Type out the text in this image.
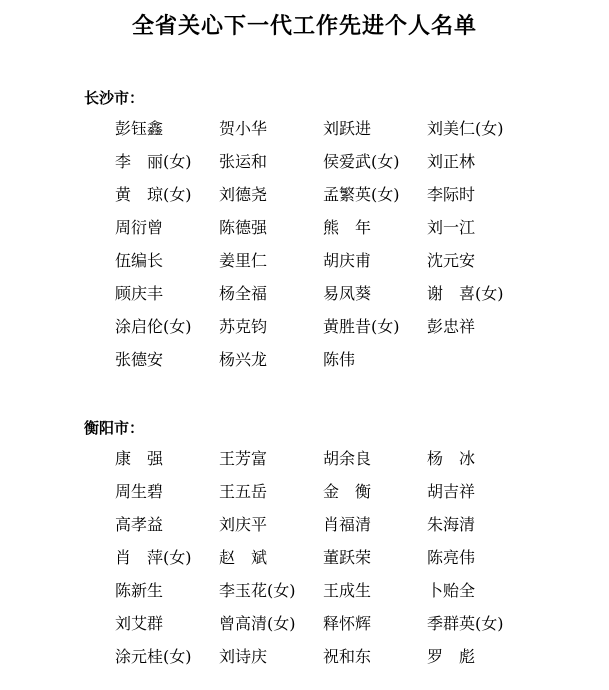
全省关心下一代工作先进个人名单
长沙市：
彭钰鑫	贺小华	刘跃进	刘美仁(女)
李　丽(女)	张运和	侯爱武(女)	刘正林
黄　琼(女)	刘德尧	孟繁英(女)	李际时
周衍曾	陈德强	熊　年	刘一江
伍编长	姜里仁	胡庆甫	沈元安
顾庆丰	杨全福	易凤葵	谢　喜(女)
涂启伦(女)	苏克钧	黄胜昔(女)	彭忠祥
张德安	杨兴龙	陈伟
衡阳市：
康　强	王芳富	胡余良	杨　冰
周生碧	王五岳	金　衡	胡吉祥
高孝益	刘庆平	肖福清	朱海清
肖　萍(女)	赵　斌	董跃荣	陈亮伟
陈新生	李玉花(女)	王成生	卜贻全
刘艾群	曾高清(女)	释怀辉	季群英(女)
涂元桂(女)	刘诗庆	祝和东	罗　彪
